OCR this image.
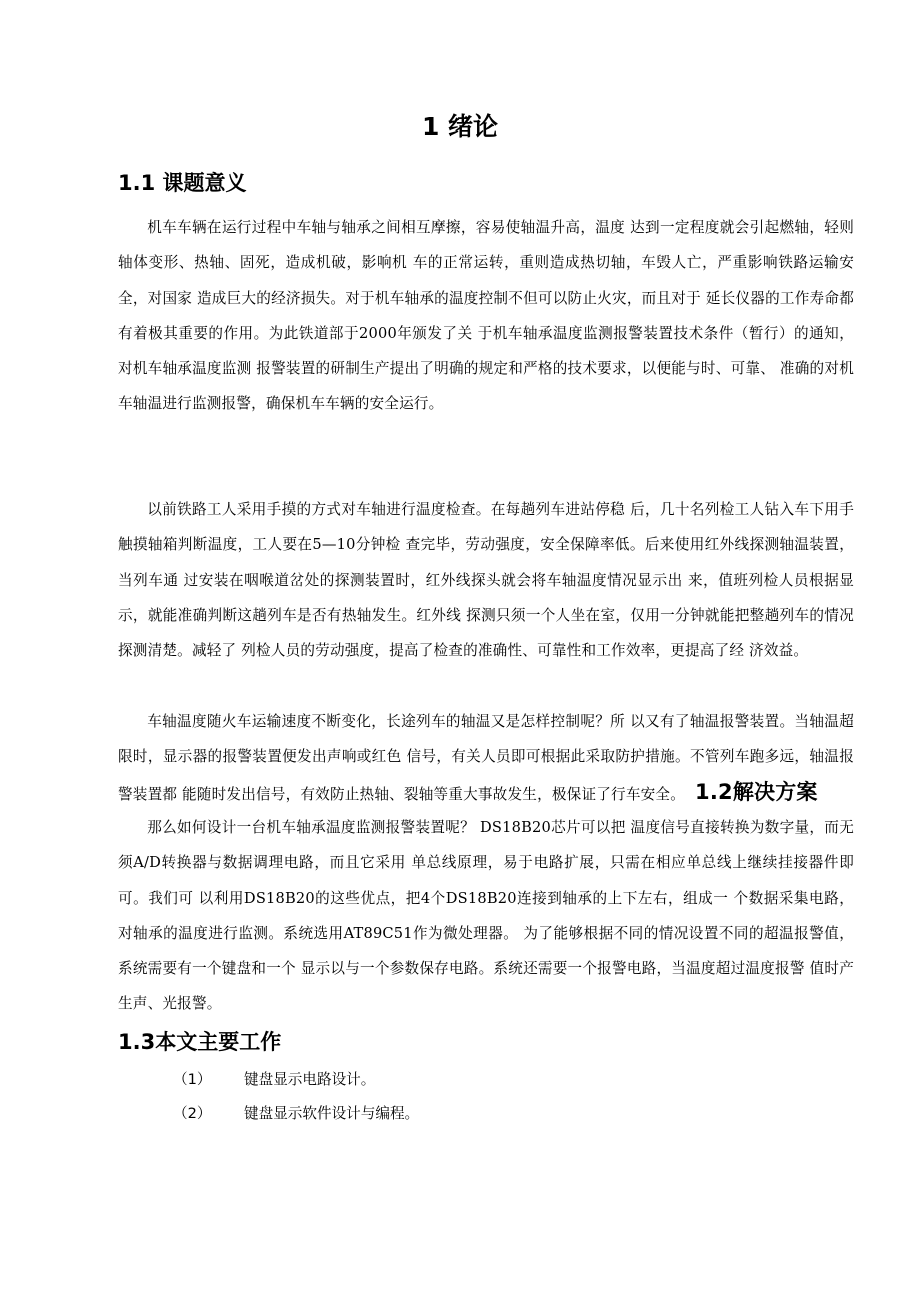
1 绪论
1.1 课题意义

机车车辆在运行过程中车轴与轴承之间相互摩擦，容易使轴温升高，温度 达到一定程度就会引起燃轴，轻则轴体变形、热轴、固死，造成机破，影响机 车的正常运转，重则造成热切轴，车毁人亡，严重影响铁路运输安全，对国家 造成巨大的经济损失。对于机车轴承的温度控制不但可以防止火灾，而且对于 延长仪器的工作寿命都有着极其重要的作用。为此铁道部于2000年颁发了关 于机车轴承温度监测报警装置技术条件（暂行）的通知，对机车轴承温度监测 报警装置的研制生产提出了明确的规定和严格的技术要求，以便能与时、可靠、 准确的对机车轴温进行监测报警，确保机车车辆的安全运行。

以前铁路工人采用手摸的方式对车轴进行温度检查。在每趟列车进站停稳 后，几十名列检工人钻入车下用手触摸轴箱判断温度，工人要在5—10分钟检 查完毕，劳动强度，安全保障率低。后来使用红外线探测轴温装置，当列车通 过安装在咽喉道岔处的探测装置时，红外线探头就会将车轴温度情况显示出 来，值班列检人员根据显示，就能准确判断这趟列车是否有热轴发生。红外线 探测只须一个人坐在室，仅用一分钟就能把整趟列车的情况探测清楚。减轻了 列检人员的劳动强度，提高了检查的准确性、可靠性和工作效率，更提高了经 济效益。

车轴温度随火车运输速度不断变化，长途列车的轴温又是怎样控制呢？所 以又有了轴温报警装置。当轴温超限时，显示器的报警装置便发出声响或红色 信号，有关人员即可根据此采取防护措施。不管列车跑多远，轴温报警装置都 能随时发出信号，有效防止热轴、裂轴等重大事故发生，极保证了行车安全。 1.2解决方案

那么如何设计一台机车轴承温度监测报警装置呢？ DS18B20芯片可以把 温度信号直接转换为数字量，而无须A/D转换器与数据调理电路，而且它采用 单总线原理，易于电路扩展，只需在相应单总线上继续挂接器件即可。我们可 以利用DS18B20的这些优点，把4个DS18B20连接到轴承的上下左右，组成一 个数据采集电路，对轴承的温度进行监测。系统选用AT89C51作为微处理器。 为了能够根据不同的情况设置不同的超温报警值，系统需要有一个键盘和一个 显示以与一个参数保存电路。系统还需要一个报警电路，当温度超过温度报警 值时产生声、光报警。

1.3本文主要工作
（1） 键盘显示电路设计。
（2） 键盘显示软件设计与编程。
